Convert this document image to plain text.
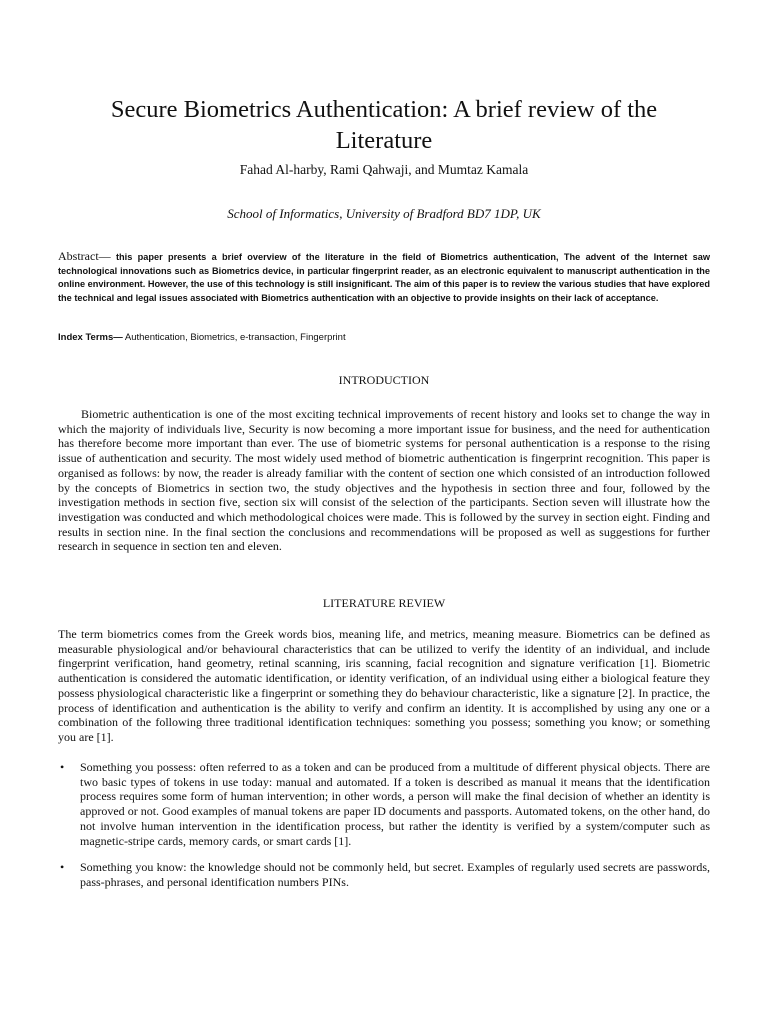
Secure Biometrics Authentication: A brief review of the Literature
Fahad Al-harby, Rami Qahwaji, and Mumtaz Kamala
School of Informatics, University of Bradford BD7 1DP, UK

Abstract— this paper presents a brief overview of the literature in the field of Biometrics authentication, The advent of the Internet saw technological innovations such as Biometrics device, in particular fingerprint reader, as an electronic equivalent to manuscript authentication in the online environment. However, the use of this technology is still insignificant. The aim of this paper is to review the various studies that have explored the technical and legal issues associated with Biometrics authentication with an objective to provide insights on their lack of acceptance.

Index Terms— Authentication, Biometrics, e-transaction, Fingerprint

INTRODUCTION

Biometric authentication is one of the most exciting technical improvements of recent history and looks set to change the way in which the majority of individuals live, Security is now becoming a more important issue for business, and the need for authentication has therefore become more important than ever. The use of biometric systems for personal authentication is a response to the rising issue of authentication and security. The most widely used method of biometric authentication is fingerprint recognition. This paper is organised as follows: by now, the reader is already familiar with the content of section one which consisted of an introduction followed by the concepts of Biometrics in section two, the study objectives and the hypothesis in section three and four, followed by the investigation methods in section five, section six will consist of the selection of the participants. Section seven will illustrate how the investigation was conducted and which methodological choices were made. This is followed by the survey in section eight. Finding and results in section nine. In the final section the conclusions and recommendations will be proposed as well as suggestions for further research in sequence in section ten and eleven.

LITERATURE REVIEW

The term biometrics comes from the Greek words bios, meaning life, and metrics, meaning measure. Biometrics can be defined as measurable physiological and/or behavioural characteristics that can be utilized to verify the identity of an individual, and include fingerprint verification, hand geometry, retinal scanning, iris scanning, facial recognition and signature verification [1]. Biometric authentication is considered the automatic identification, or identity verification, of an individual using either a biological feature they possess physiological characteristic like a fingerprint or something they do behaviour characteristic, like a signature [2]. In practice, the process of identification and authentication is the ability to verify and confirm an identity. It is accomplished by using any one or a combination of the following three traditional identification techniques: something you possess; something you know; or something you are [1].

• Something you possess: often referred to as a token and can be produced from a multitude of different physical objects. There are two basic types of tokens in use today: manual and automated. If a token is described as manual it means that the identification process requires some form of human intervention; in other words, a person will make the final decision of whether an identity is approved or not. Good examples of manual tokens are paper ID documents and passports. Automated tokens, on the other hand, do not involve human intervention in the identification process, but rather the identity is verified by a system/computer such as magnetic-stripe cards, memory cards, or smart cards [1].
• Something you know: the knowledge should not be commonly held, but secret. Examples of regularly used secrets are passwords, pass-phrases, and personal identification numbers PINs.
